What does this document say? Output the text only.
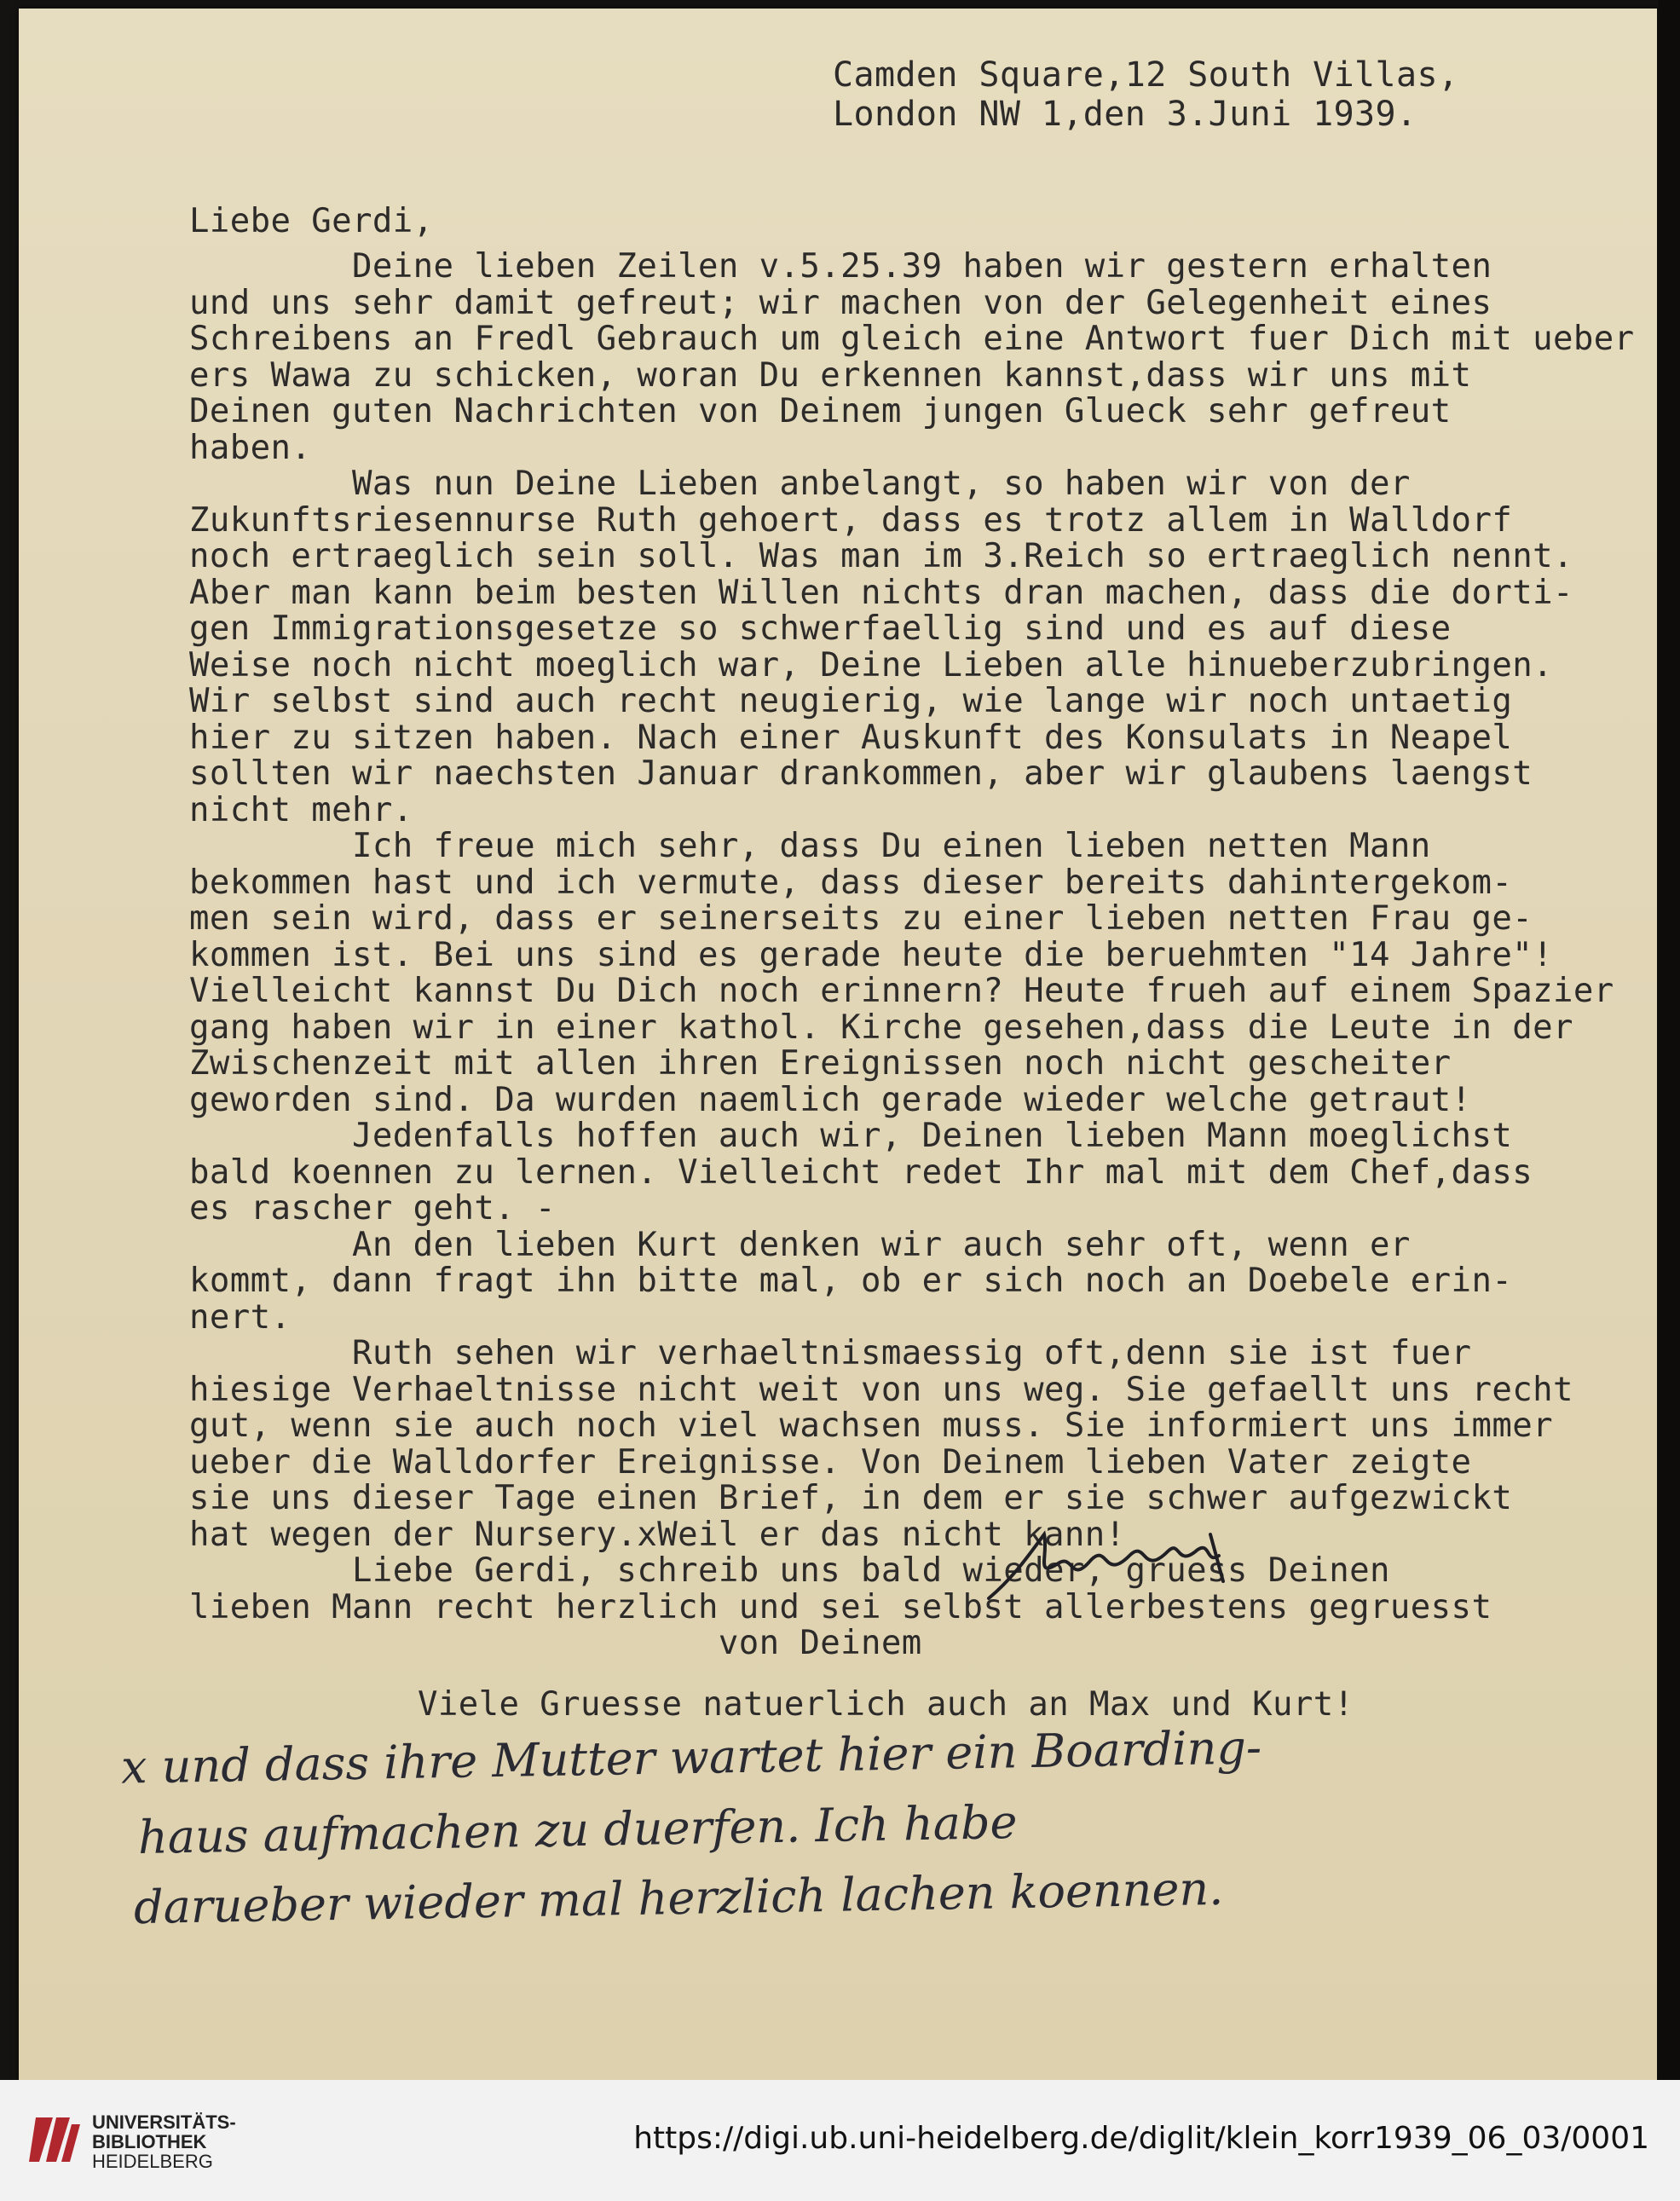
Camden Square,12 South Villas,
London NW 1,den 3.Juni 1939.
Liebe Gerdi,
Deine lieben Zeilen v.5.25.39 haben wir gestern erhalten
und uns sehr damit gefreut; wir machen von der Gelegenheit eines
Schreibens an Fredl Gebrauch um gleich eine Antwort fuer Dich mit ueber
ers Wawa zu schicken, woran Du erkennen kannst,dass wir uns mit
Deinen guten Nachrichten von Deinem jungen Glueck sehr gefreut
haben.
Was nun Deine Lieben anbelangt, so haben wir von der
Zukunftsriesennurse Ruth gehoert, dass es trotz allem in Walldorf
noch ertraeglich sein soll. Was man im 3.Reich so ertraeglich nennt.
Aber man kann beim besten Willen nichts dran machen, dass die dorti-
gen Immigrationsgesetze so schwerfaellig sind und es auf diese
Weise noch nicht moeglich war, Deine Lieben alle hinueberzubringen.
Wir selbst sind auch recht neugierig, wie lange wir noch untaetig
hier zu sitzen haben. Nach einer Auskunft des Konsulats in Neapel
sollten wir naechsten Januar drankommen, aber wir glaubens laengst
nicht mehr.
Ich freue mich sehr, dass Du einen lieben netten Mann
bekommen hast und ich vermute, dass dieser bereits dahintergekom-
men sein wird, dass er seinerseits zu einer lieben netten Frau ge-
kommen ist. Bei uns sind es gerade heute die beruehmten "14 Jahre"!
Vielleicht kannst Du Dich noch erinnern? Heute frueh auf einem Spazier
gang haben wir in einer kathol. Kirche gesehen,dass die Leute in der
Zwischenzeit mit allen ihren Ereignissen noch nicht gescheiter
geworden sind. Da wurden naemlich gerade wieder welche getraut!
Jedenfalls hoffen auch wir, Deinen lieben Mann moeglichst
bald koennen zu lernen. Vielleicht redet Ihr mal mit dem Chef,dass
es rascher geht. -
An den lieben Kurt denken wir auch sehr oft, wenn er
kommt, dann fragt ihn bitte mal, ob er sich noch an Doebele erin-
nert.
Ruth sehen wir verhaeltnismaessig oft,denn sie ist fuer
hiesige Verhaeltnisse nicht weit von uns weg. Sie gefaellt uns recht
gut, wenn sie auch noch viel wachsen muss. Sie informiert uns immer
ueber die Walldorfer Ereignisse. Von Deinem lieben Vater zeigte
sie uns dieser Tage einen Brief, in dem er sie schwer aufgezwickt
hat wegen der Nursery.xWeil er das nicht kann!
Liebe Gerdi, schreib uns bald wieder, gruess Deinen
lieben Mann recht herzlich und sei selbst allerbestens gegruesst
von Deinem
Viele Gruesse natuerlich auch an Max und Kurt!
x und dass ihre Mutter wartet hier ein Boarding-
haus aufmachen zu duerfen. Ich habe
darueber wieder mal herzlich lachen koennen.
UNIVERSITÄTS-
BIBLIOTHEK
HEIDELBERG
https://digi.ub.uni-heidelberg.de/diglit/klein_korr1939_06_03/0001
